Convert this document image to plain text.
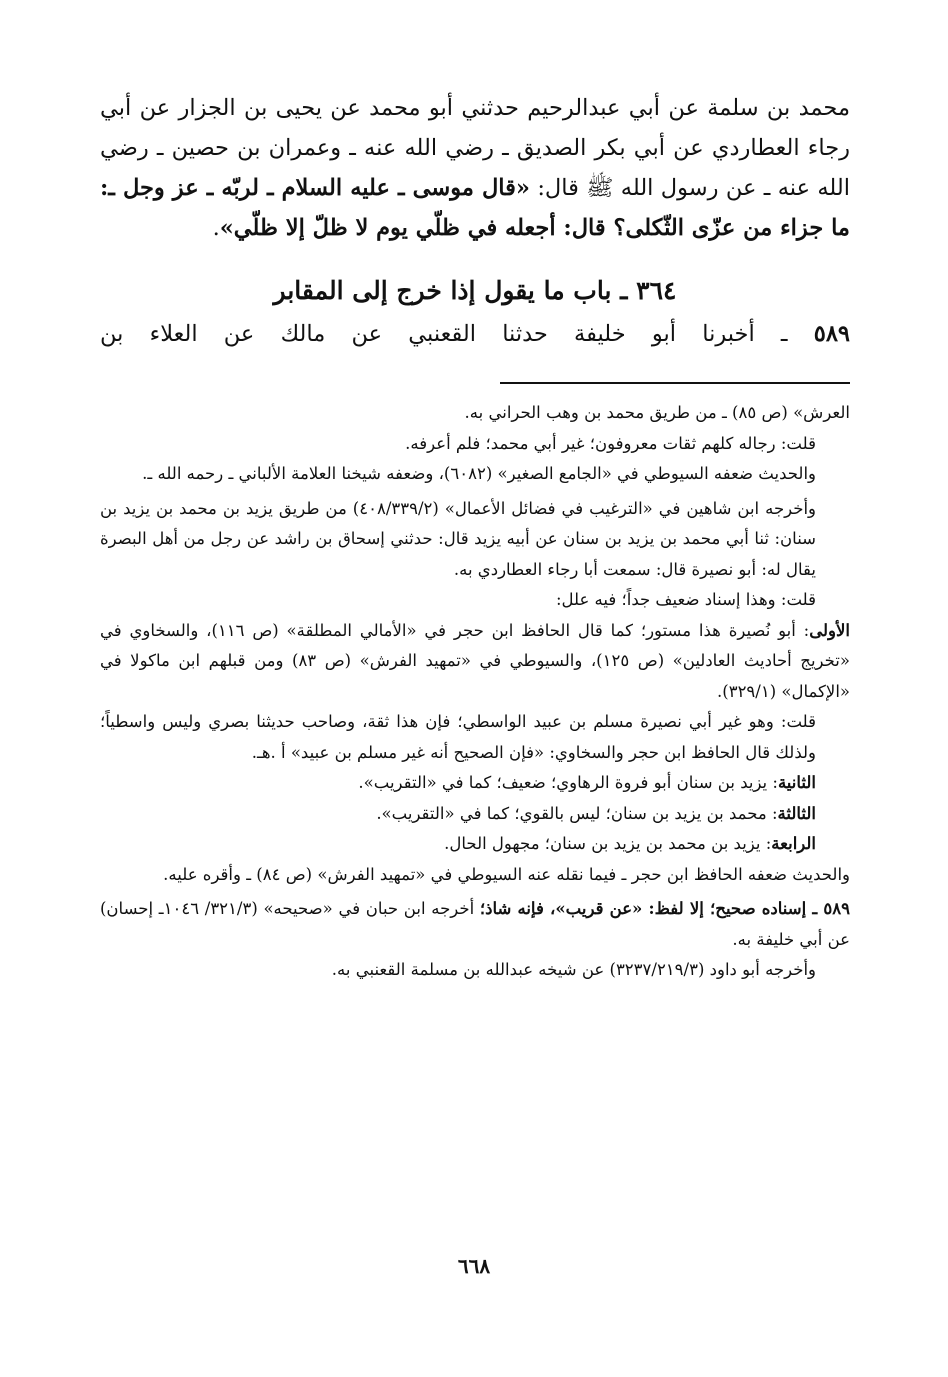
محمد بن سلمة عن أبي عبدالرحيم حدثني أبو محمد عن يحيى بن الجزار عن أبي رجاء العطاردي عن أبي بكر الصديق ـ رضي الله عنه ـ وعمران بن حصين ـ رضي الله عنه ـ عن رسول الله ﷺ قال: «قال موسى ـ عليه السلام ـ لربّه ـ عز وجل ـ: ما جزاء من عزّى الثّكلى؟ قال: أجعله في ظلّي يوم لا ظلّ إلا ظلّي».

٣٦٤ ـ باب ما يقول إذا خرج إلى المقابر

٥٨٩ ـ أخبرنا أبو خليفة حدثنا القعنبي عن مالك عن العلاء بن

العرش» (ص ٨٥) ـ من طريق محمد بن وهب الحراني به.

قلت: رجاله كلهم ثقات معروفون؛ غير أبي محمد؛ فلم أعرفه.

والحديث ضعفه السيوطي في «الجامع الصغير» (٦٠٨٢)، وضعفه شيخنا العلامة الألباني ـ رحمه الله ـ.

وأخرجه ابن شاهين في «الترغيب في فضائل الأعمال» (٤٠٨/٣٣٩/٢) من طريق يزيد بن محمد بن يزيد بن سنان: ثنا أبي محمد بن يزيد بن سنان عن أبيه يزيد قال: حدثني إسحاق بن راشد عن رجل من أهل البصرة يقال له: أبو نصيرة قال: سمعت أبا رجاء العطاردي به.

قلت: وهذا إسناد ضعيف جداً؛ فيه علل:

الأولى: أبو نُصيرة هذا مستور؛ كما قال الحافظ ابن حجر في «الأمالي المطلقة» (ص ١١٦)، والسخاوي في «تخريج أحاديث العادلين» (ص ١٢٥)، والسيوطي في «تمهيد الفرش» (ص ٨٣) ومن قبلهم ابن ماكولا في «الإكمال» (٣٢٩/١).

قلت: وهو غير أبي نصيرة مسلم بن عبيد الواسطي؛ فإن هذا ثقة، وصاحب حديثنا بصري وليس واسطياً؛ ولذلك قال الحافظ ابن حجر والسخاوي: «فإن الصحيح أنه غير مسلم بن عبيد» أ .هـ.

الثانية: يزيد بن سنان أبو فروة الرهاوي؛ ضعيف؛ كما في «التقريب».

الثالثة: محمد بن يزيد بن سنان؛ ليس بالقوي؛ كما في «التقريب».

الرابعة: يزيد بن محمد بن يزيد بن سنان؛ مجهول الحال.

والحديث ضعفه الحافظ ابن حجر ـ فيما نقله عنه السيوطي في «تمهيد الفرش» (ص ٨٤) ـ وأقره عليه.

٥٨٩ ـ إسناده صحيح؛ إلا لفظ: «عن قريب»، فإنه شاذ؛ أخرجه ابن حبان في «صحيحه» (٣٢١/٣/ ١٠٤٦ـ إحسان) عن أبي خليفة به.

وأخرجه أبو داود (٣٢٣٧/٢١٩/٣) عن شيخه عبدالله بن مسلمة القعنبي به.

٦٦٨
